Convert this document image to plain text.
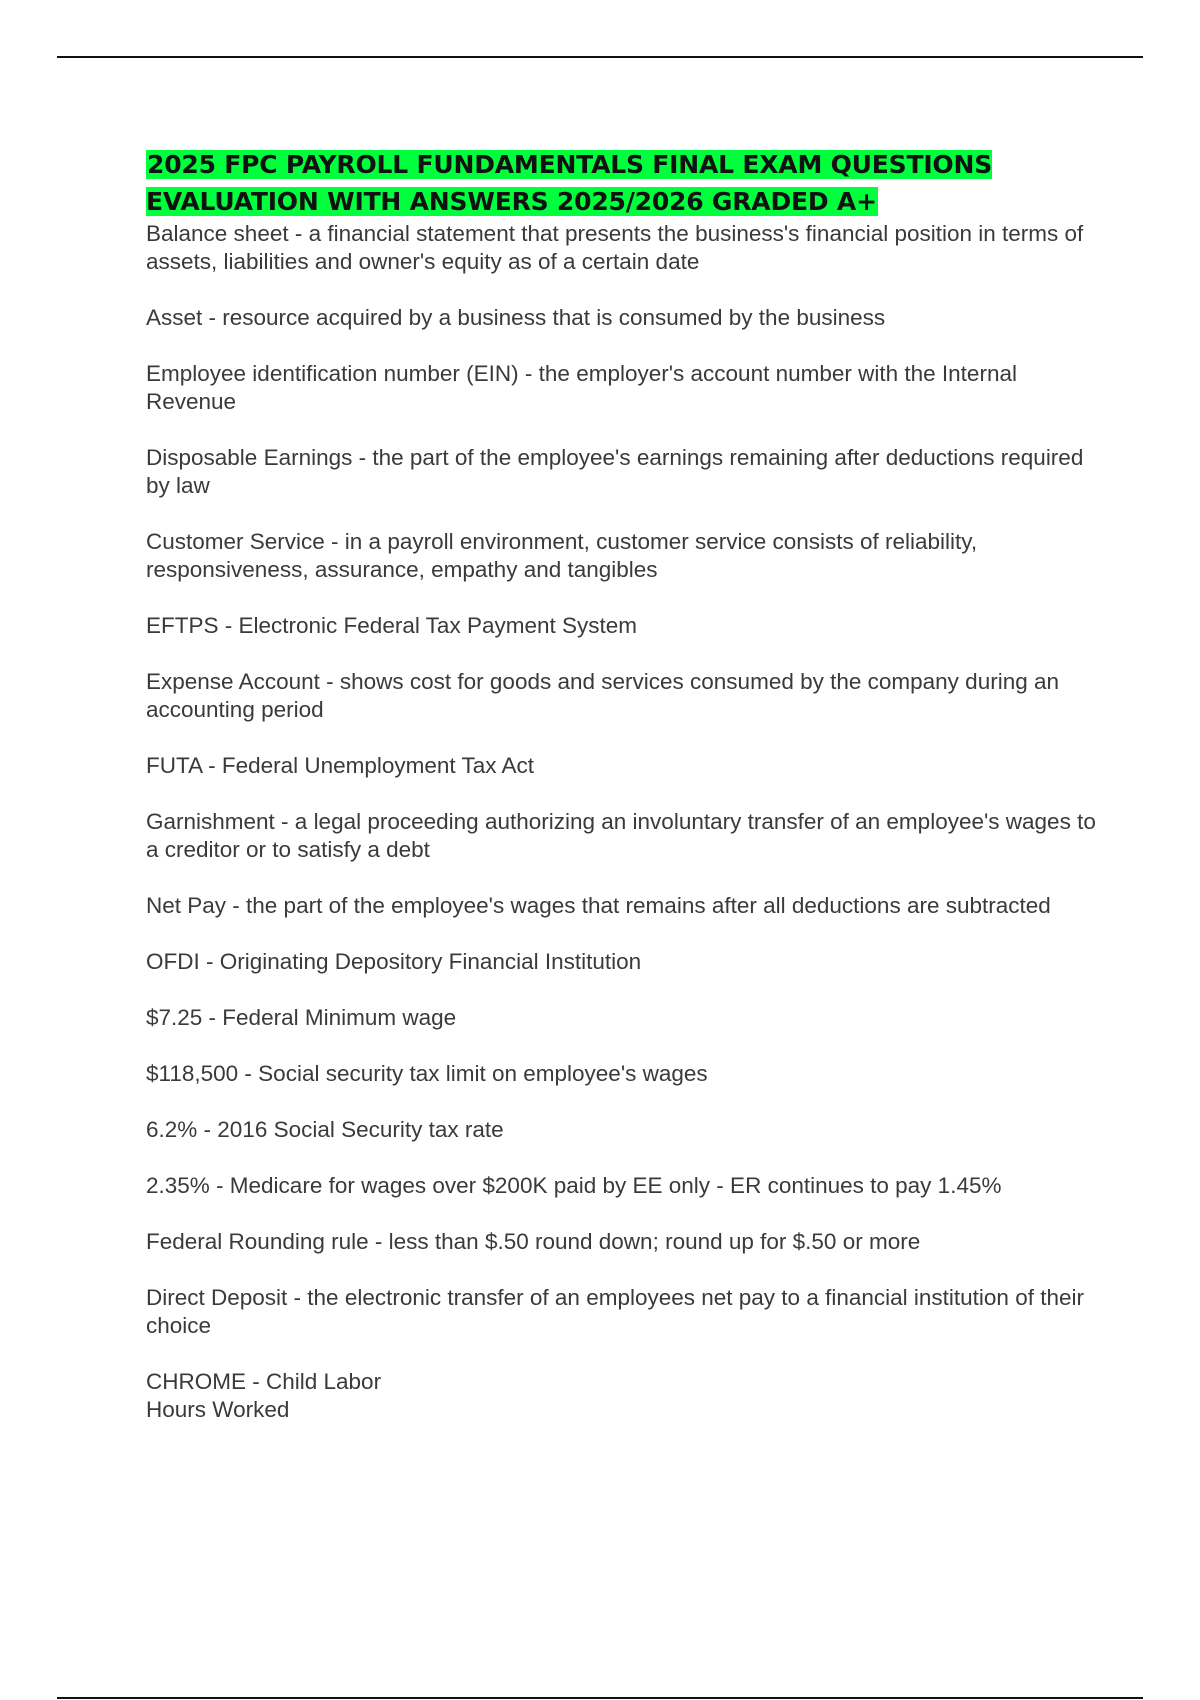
2025 FPC PAYROLL FUNDAMENTALS FINAL EXAM QUESTIONS EVALUATION WITH ANSWERS 2025/2026 GRADED A+
Balance sheet - a financial statement that presents the business's financial position in terms of assets, liabilities and owner's equity as of a certain date
Asset - resource acquired by a business that is consumed by the business
Employee identification number (EIN) - the employer's account number with the Internal Revenue
Disposable Earnings - the part of the employee's earnings remaining after deductions required by law
Customer Service - in a payroll environment, customer service consists of reliability, responsiveness, assurance, empathy and tangibles
EFTPS - Electronic Federal Tax Payment System
Expense Account - shows cost for goods and services consumed by the company during an accounting period
FUTA - Federal Unemployment Tax Act
Garnishment - a legal proceeding authorizing an involuntary transfer of an employee's wages to a creditor or to satisfy a debt
Net Pay - the part of the employee's wages that remains after all deductions are subtracted
OFDI - Originating Depository Financial Institution
$7.25 - Federal Minimum wage
$118,500 - Social security tax limit on employee's wages
6.2% - 2016 Social Security tax rate
2.35% - Medicare for wages over $200K paid by EE only - ER continues to pay 1.45%
Federal Rounding rule - less than $.50 round down; round up for $.50 or more
Direct Deposit - the electronic transfer of an employees net pay to a financial institution of their choice
CHROME - Child Labor
Hours Worked
